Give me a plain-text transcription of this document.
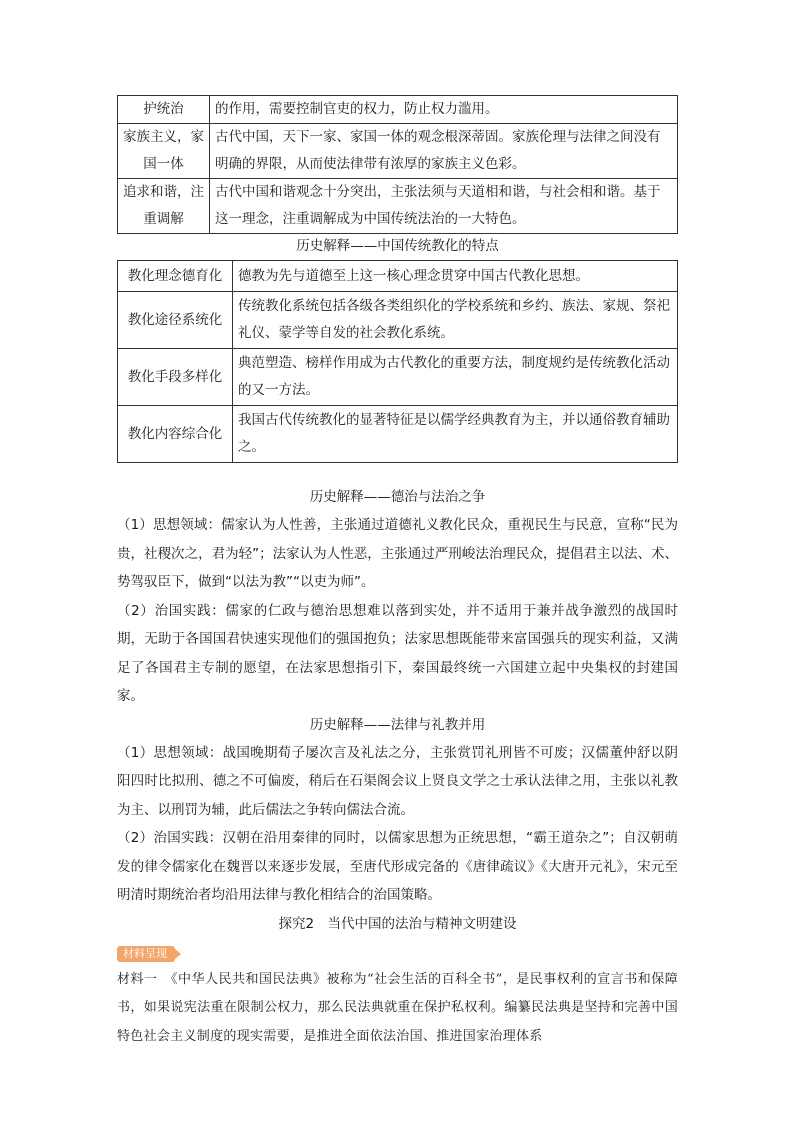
护统治	的作用，需要控制官吏的权力，防止权力滥用。
家族主义，家国一体	古代中国，天下一家、家国一体的观念根深蒂固。家族伦理与法律之间没有明确的界限，从而使法律带有浓厚的家族主义色彩。
追求和谐，注重调解	古代中国和谐观念十分突出，主张法须与天道相和谐，与社会相和谐。基于这一理念，注重调解成为中国传统法治的一大特色。
历史解释——中国传统教化的特点
教化理念德育化	德教为先与道德至上这一核心理念贯穿中国古代教化思想。
教化途径系统化	传统教化系统包括各级各类组织化的学校系统和乡约、族法、家规、祭祀礼仪、蒙学等自发的社会教化系统。
教化手段多样化	典范塑造、榜样作用成为古代教化的重要方法，制度规约是传统教化活动的又一方法。
教化内容综合化	我国古代传统教化的显著特征是以儒学经典教育为主，并以通俗教育辅助之。
历史解释——德治与法治之争

（1）思想领域：儒家认为人性善，主张通过道德礼义教化民众，重视民生与民意，宣称“民为贵，社稷次之，君为轻”；法家认为人性恶，主张通过严刑峻法治理民众，提倡君主以法、术、势驾驭臣下，做到“以法为教”“以吏为师”。

（2）治国实践：儒家的仁政与德治思想难以落到实处，并不适用于兼并战争激烈的战国时期，无助于各国国君快速实现他们的强国抱负；法家思想既能带来富国强兵的现实利益，又满足了各国君主专制的愿望，在法家思想指引下，秦国最终统一六国建立起中央集权的封建国家。

历史解释——法律与礼教并用

（1）思想领域：战国晚期荀子屡次言及礼法之分，主张赏罚礼刑皆不可废；汉儒董仲舒以阴阳四时比拟刑、德之不可偏废，稍后在石渠阁会议上贤良文学之士承认法律之用，主张以礼教为主、以刑罚为辅，此后儒法之争转向儒法合流。

（2）治国实践：汉朝在沿用秦律的同时，以儒家思想为正统思想，“霸王道杂之”；自汉朝萌发的律令儒家化在魏晋以来逐步发展，至唐代形成完备的《唐律疏议》《大唐开元礼》，宋元至明清时期统治者均沿用法律与教化相结合的治国策略。

探究2　当代中国的法治与精神文明建设
材料呈现

材料一　《中华人民共和国民法典》被称为“社会生活的百科全书”，是民事权利的宣言书和保障书，如果说宪法重在限制公权力，那么民法典就重在保护私权利。编纂民法典是坚持和完善中国特色社会主义制度的现实需要，是推进全面依法治国、推进国家治理体系
